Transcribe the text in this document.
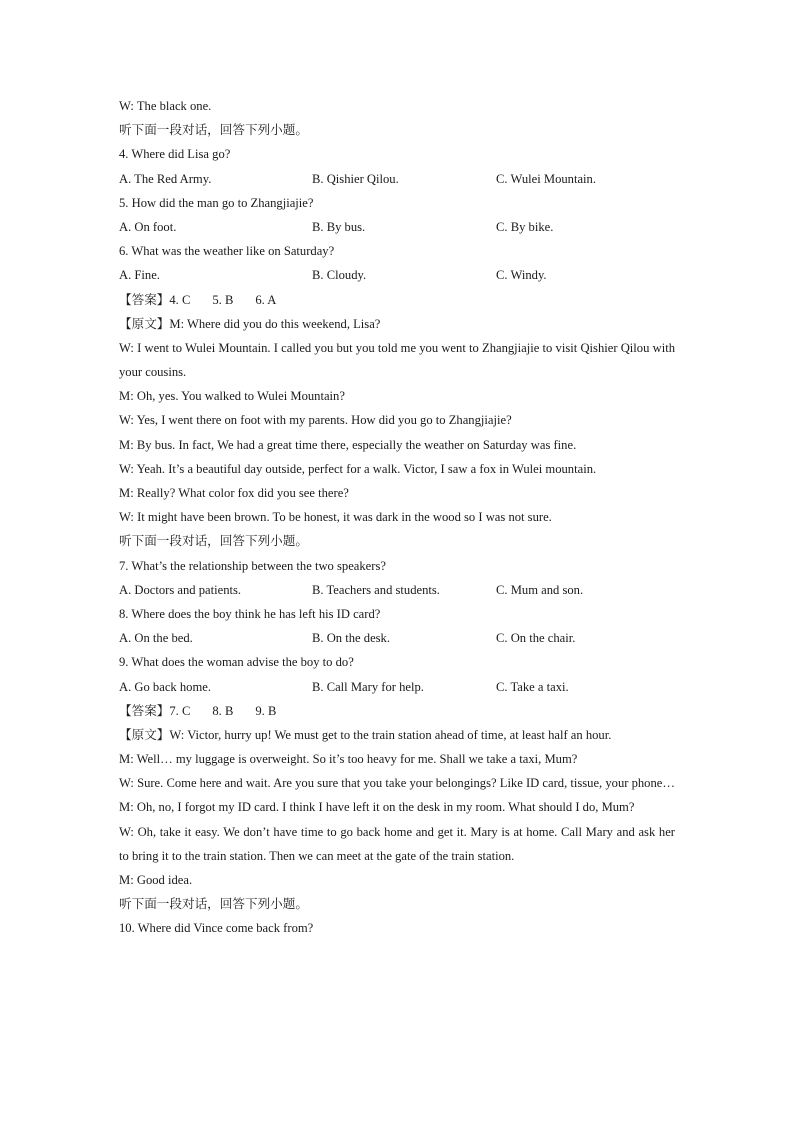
W: The black one.
听下面一段对话，回答下列小题。
4. Where did Lisa go?
A. The Red Army.	B. Qishier Qilou.	C. Wulei Mountain.
5. How did the man go to Zhangjiajie?
A. On foot.	B. By bus.	C. By bike.
6. What was the weather like on Saturday?
A. Fine.	B. Cloudy.	C. Windy.
【答案】4. C 5. B 6. A
【原文】M: Where did you do this weekend, Lisa?
W: I went to Wulei Mountain. I called you but you told me you went to Zhangjiajie to visit Qishier Qilou with your cousins.
M: Oh, yes. You walked to Wulei Mountain?
W: Yes, I went there on foot with my parents. How did you go to Zhangjiajie?
M: By bus. In fact, We had a great time there, especially the weather on Saturday was fine.
W: Yeah. It’s a beautiful day outside, perfect for a walk. Victor, I saw a fox in Wulei mountain.
M: Really? What color fox did you see there?
W: It might have been brown. To be honest, it was dark in the wood so I was not sure.
听下面一段对话，回答下列小题。
7. What’s the relationship between the two speakers?
A. Doctors and patients.	B. Teachers and students.	C. Mum and son.
8. Where does the boy think he has left his ID card?
A. On the bed.	B. On the desk.	C. On the chair.
9. What does the woman advise the boy to do?
A. Go back home.	B. Call Mary for help.	C. Take a taxi.
【答案】7. C 8. B 9. B
【原文】W: Victor, hurry up! We must get to the train station ahead of time, at least half an hour.
M: Well… my luggage is overweight. So it’s too heavy for me. Shall we take a taxi, Mum?
W: Sure. Come here and wait. Are you sure that you take your belongings? Like ID card, tissue, your phone…
M: Oh, no, I forgot my ID card. I think I have left it on the desk in my room. What should I do, Mum?
W: Oh, take it easy. We don’t have time to go back home and get it. Mary is at home. Call Mary and ask her to bring it to the train station. Then we can meet at the gate of the train station.
M: Good idea.
听下面一段对话，回答下列小题。
10. Where did Vince come back from?
